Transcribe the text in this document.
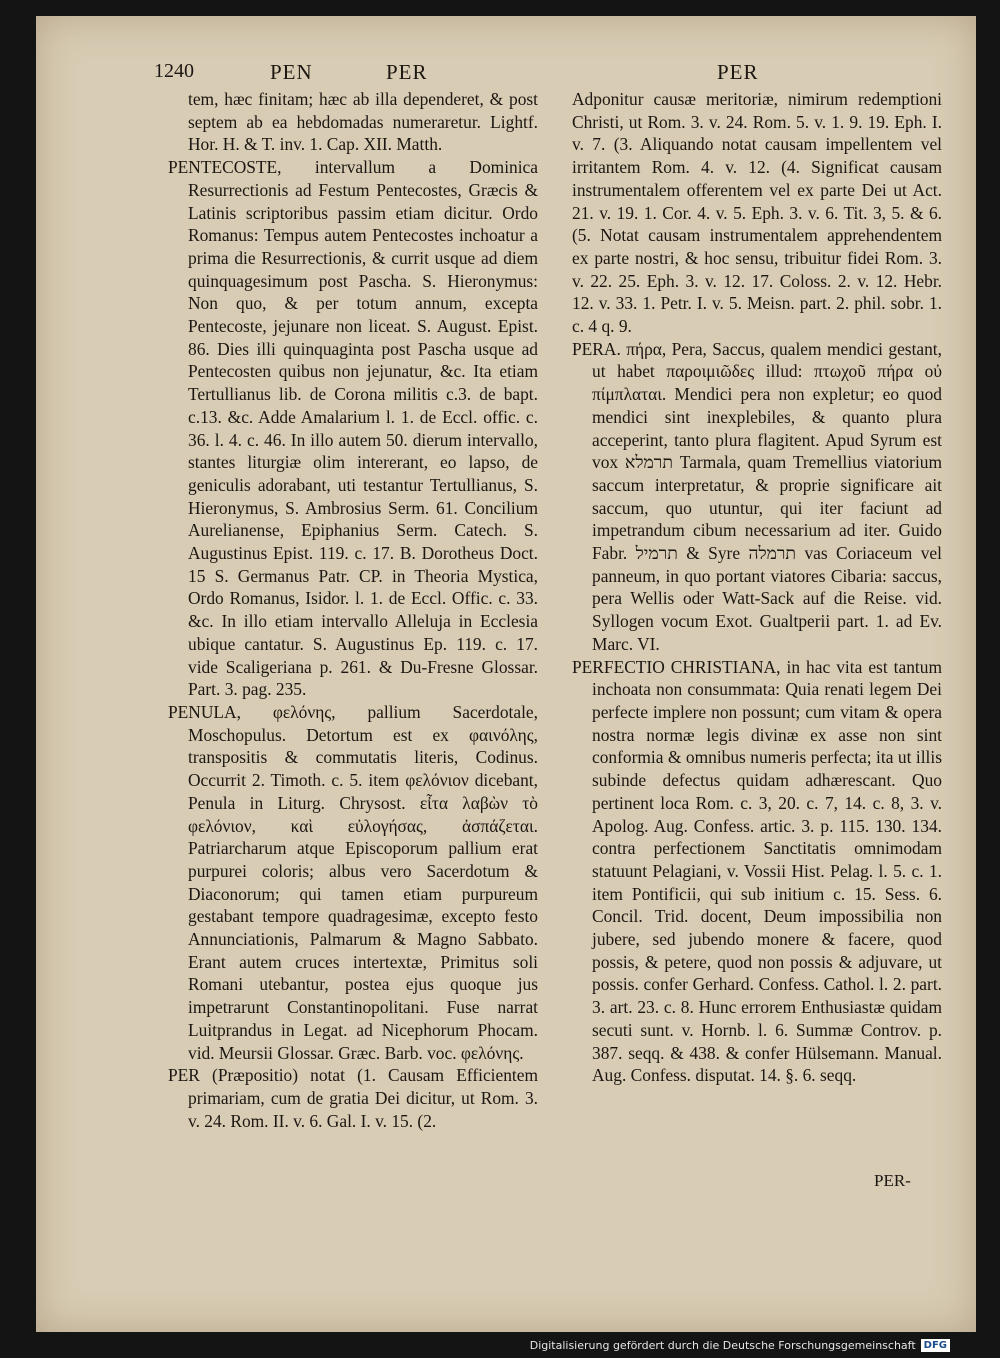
1240	PEN	PER	PER

tem, hæc finitam; hæc ab illa dependeret, & post septem ab ea hebdomadas numeraretur. Lightf. Hor. H. & T. inv. 1. Cap. XII. Matth.

PENTECOSTE, intervallum a Dominica Resurrectionis ad Festum Pentecostes, Græcis & Latinis scriptoribus passim etiam dicitur. Ordo Romanus: Tempus autem Pentecostes inchoatur a prima die Resurrectionis, & currit usque ad diem quinquagesimum post Pascha. S. Hieronymus: Non quo, & per totum annum, excepta Pentecoste, jejunare non liceat. S. August. Epist. 86. Dies illi quinquaginta post Pascha usque ad Pentecosten quibus non jejunatur, &c. Ita etiam Tertullianus lib. de Corona militis c.3. de bapt. c.13. &c. Adde Amalarium l. 1. de Eccl. offic. c. 36. l. 4. c. 46. In illo autem 50. dierum intervallo, stantes liturgiæ olim intererant, eo lapso, de geniculis adorabant, uti testantur Tertullianus, S. Hieronymus, S. Ambrosius Serm. 61. Concilium Aurelianense, Epiphanius Serm. Catech. S. Augustinus Epist. 119. c. 17. B. Dorotheus Doct. 15 S. Germanus Patr. CP. in Theoria Mystica, Ordo Romanus, Isidor. l. 1. de Eccl. Offic. c. 33. &c. In illo etiam intervallo Alleluja in Ecclesia ubique cantatur. S. Augustinus Ep. 119. c. 17. vide Scaligeriana p. 261. & Du-Fresne Glossar. Part. 3. pag. 235.

PENULA, φελόνης, pallium Sacerdotale, Moschopulus. Detortum est ex φαινόλης, transpositis & commutatis literis, Codinus. Occurrit 2. Timoth. c. 5. item φελόνιον dicebant, Penula in Liturg. Chrysost. εἶτα λαβὼν τὸ φελόνιον, καὶ εὐλογήσας, ἀσπάζεται. Patriarcharum atque Episcoporum pallium erat purpurei coloris; albus vero Sacerdotum & Diaconorum; qui tamen etiam purpureum gestabant tempore quadragesimæ, excepto festo Annunciationis, Palmarum & Magno Sabbato. Erant autem cruces intertextæ, Primitus soli Romani utebantur, postea ejus quoque jus impetrarunt Constantinopolitani. Fuse narrat Luitprandus in Legat. ad Nicephorum Phocam. vid. Meursii Glossar. Græc. Barb. voc. φελόνης.

PER (Præpositio) notat (1. Causam Efficientem primariam, cum de gratia Dei dicitur, ut Rom. 3. v. 24. Rom. II. v. 6. Gal. I. v. 15. (2.

Adponitur causæ meritoriæ, nimirum redemptioni Christi, ut Rom. 3. v. 24. Rom. 5. v. 1. 9. 19. Eph. I. v. 7. (3. Aliquando notat causam impellentem vel irritantem Rom. 4. v. 12. (4. Significat causam instrumentalem offerentem vel ex parte Dei ut Act. 21. v. 19. 1. Cor. 4. v. 5. Eph. 3. v. 6. Tit. 3, 5. & 6. (5. Notat causam instrumentalem apprehendentem ex parte nostri, & hoc sensu, tribuitur fidei Rom. 3. v. 22. 25. Eph. 3. v. 12. 17. Coloss. 2. v. 12. Hebr. 12. v. 33. 1. Petr. I. v. 5. Meisn. part. 2. phil. sobr. 1. c. 4 q. 9.

PERA. πήρα, Pera, Saccus, qualem mendici gestant, ut habet παροιμιῶδες illud: πτωχοῦ πήρα οὐ πίμπλαται. Mendici pera non expletur; eo quod mendici sint inexplebiles, & quanto plura acceperint, tanto plura flagitent. Apud Syrum est vox תרמלא Tarmala, quam Tremellius viatorium saccum interpretatur, & proprie significare ait saccum, quo utuntur, qui iter faciunt ad impetrandum cibum necessarium ad iter. Guido Fabr. תרמיל & Syre תרמלה vas Coriaceum vel panneum, in quo portant viatores Cibaria: saccus, pera Wellis oder Watt-Sack auf die Reise. vid. Syllogen vocum Exot. Gualtperii part. 1. ad Ev. Marc. VI.

PERFECTIO CHRISTIANA, in hac vita est tantum inchoata non consummata: Quia renati legem Dei perfecte implere non possunt; cum vitam & opera nostra normæ legis divinæ ex asse non sint conformia & omnibus numeris perfecta; ita ut illis subinde defectus quidam adhærescant. Quo pertinent loca Rom. c. 3, 20. c. 7, 14. c. 8, 3. v. Apolog. Aug. Confess. artic. 3. p. 115. 130. 134. contra perfectionem Sanctitatis omnimodam statuunt Pelagiani, v. Vossii Hist. Pelag. l. 5. c. 1. item Pontificii, qui sub initium c. 15. Sess. 6. Concil. Trid. docent, Deum impossibilia non jubere, sed jubendo monere & facere, quod possis, & petere, quod non possis & adjuvare, ut possis. confer Gerhard. Confess. Cathol. l. 2. part. 3. art. 23. c. 8. Hunc errorem Enthusiastæ quidam secuti sunt. v. Hornb. l. 6. Summæ Controv. p. 387. seqq. & 438. & confer Hülsemann. Manual. Aug. Confess. disputat. 14. §. 6. seqq.

PER-
Digitalisierung gefördert durch die Deutsche Forschungsgemeinschaft DFG
